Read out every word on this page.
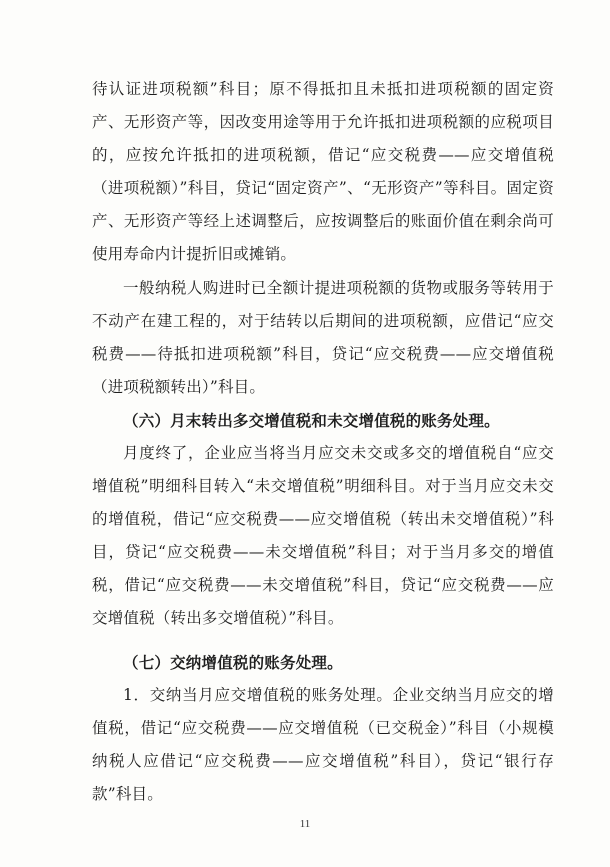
待认证进项税额”科目；原不得抵扣且未抵扣进项税额的固定资产、无形资产等，因改变用途等用于允许抵扣进项税额的应税项目的，应按允许抵扣的进项税额，借记“应交税费——应交增值税（进项税额）”科目，贷记“固定资产”、“无形资产”等科目。固定资产、无形资产等经上述调整后，应按调整后的账面价值在剩余尚可使用寿命内计提折旧或摊销。

一般纳税人购进时已全额计提进项税额的货物或服务等转用于不动产在建工程的，对于结转以后期间的进项税额，应借记“应交税费——待抵扣进项税额”科目，贷记“应交税费——应交增值税（进项税额转出）”科目。

（六）月末转出多交增值税和未交增值税的账务处理。

月度终了，企业应当将当月应交未交或多交的增值税自“应交增值税”明细科目转入“未交增值税”明细科目。对于当月应交未交的增值税，借记“应交税费——应交增值税（转出未交增值税）”科目，贷记“应交税费——未交增值税”科目；对于当月多交的增值税，借记“应交税费——未交增值税”科目，贷记“应交税费——应交增值税（转出多交增值税）”科目。

（七）交纳增值税的账务处理。

1．交纳当月应交增值税的账务处理。企业交纳当月应交的增值税，借记“应交税费——应交增值税（已交税金）”科目（小规模纳税人应借记“应交税费——应交增值税”科目），贷记“银行存款”科目。

11
